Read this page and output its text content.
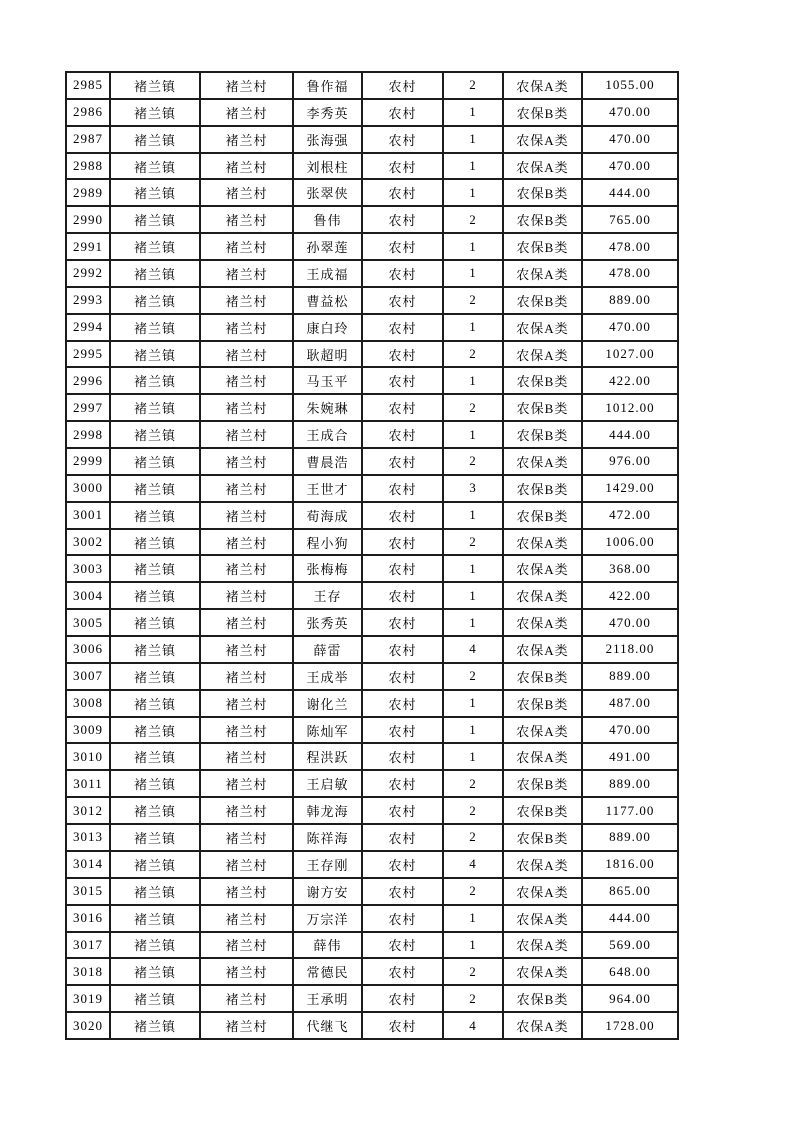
2985	褚兰镇	褚兰村	鲁作福	农村	2	农保A类	1055.00
2986	褚兰镇	褚兰村	李秀英	农村	1	农保B类	470.00
2987	褚兰镇	褚兰村	张海强	农村	1	农保A类	470.00
2988	褚兰镇	褚兰村	刘根柱	农村	1	农保A类	470.00
2989	褚兰镇	褚兰村	张翠侠	农村	1	农保B类	444.00
2990	褚兰镇	褚兰村	鲁伟	农村	2	农保B类	765.00
2991	褚兰镇	褚兰村	孙翠莲	农村	1	农保B类	478.00
2992	褚兰镇	褚兰村	王成福	农村	1	农保A类	478.00
2993	褚兰镇	褚兰村	曹益松	农村	2	农保B类	889.00
2994	褚兰镇	褚兰村	康白玲	农村	1	农保A类	470.00
2995	褚兰镇	褚兰村	耿超明	农村	2	农保A类	1027.00
2996	褚兰镇	褚兰村	马玉平	农村	1	农保B类	422.00
2997	褚兰镇	褚兰村	朱婉琳	农村	2	农保B类	1012.00
2998	褚兰镇	褚兰村	王成合	农村	1	农保B类	444.00
2999	褚兰镇	褚兰村	曹晨浩	农村	2	农保A类	976.00
3000	褚兰镇	褚兰村	王世才	农村	3	农保B类	1429.00
3001	褚兰镇	褚兰村	荀海成	农村	1	农保B类	472.00
3002	褚兰镇	褚兰村	程小狗	农村	2	农保A类	1006.00
3003	褚兰镇	褚兰村	张梅梅	农村	1	农保A类	368.00
3004	褚兰镇	褚兰村	王存	农村	1	农保A类	422.00
3005	褚兰镇	褚兰村	张秀英	农村	1	农保A类	470.00
3006	褚兰镇	褚兰村	薛雷	农村	4	农保A类	2118.00
3007	褚兰镇	褚兰村	王成举	农村	2	农保B类	889.00
3008	褚兰镇	褚兰村	谢化兰	农村	1	农保B类	487.00
3009	褚兰镇	褚兰村	陈灿军	农村	1	农保A类	470.00
3010	褚兰镇	褚兰村	程洪跃	农村	1	农保A类	491.00
3011	褚兰镇	褚兰村	王启敏	农村	2	农保B类	889.00
3012	褚兰镇	褚兰村	韩龙海	农村	2	农保B类	1177.00
3013	褚兰镇	褚兰村	陈祥海	农村	2	农保B类	889.00
3014	褚兰镇	褚兰村	王存刚	农村	4	农保A类	1816.00
3015	褚兰镇	褚兰村	谢方安	农村	2	农保A类	865.00
3016	褚兰镇	褚兰村	万宗洋	农村	1	农保A类	444.00
3017	褚兰镇	褚兰村	薛伟	农村	1	农保A类	569.00
3018	褚兰镇	褚兰村	常德民	农村	2	农保A类	648.00
3019	褚兰镇	褚兰村	王承明	农村	2	农保B类	964.00
3020	褚兰镇	褚兰村	代继飞	农村	4	农保A类	1728.00
